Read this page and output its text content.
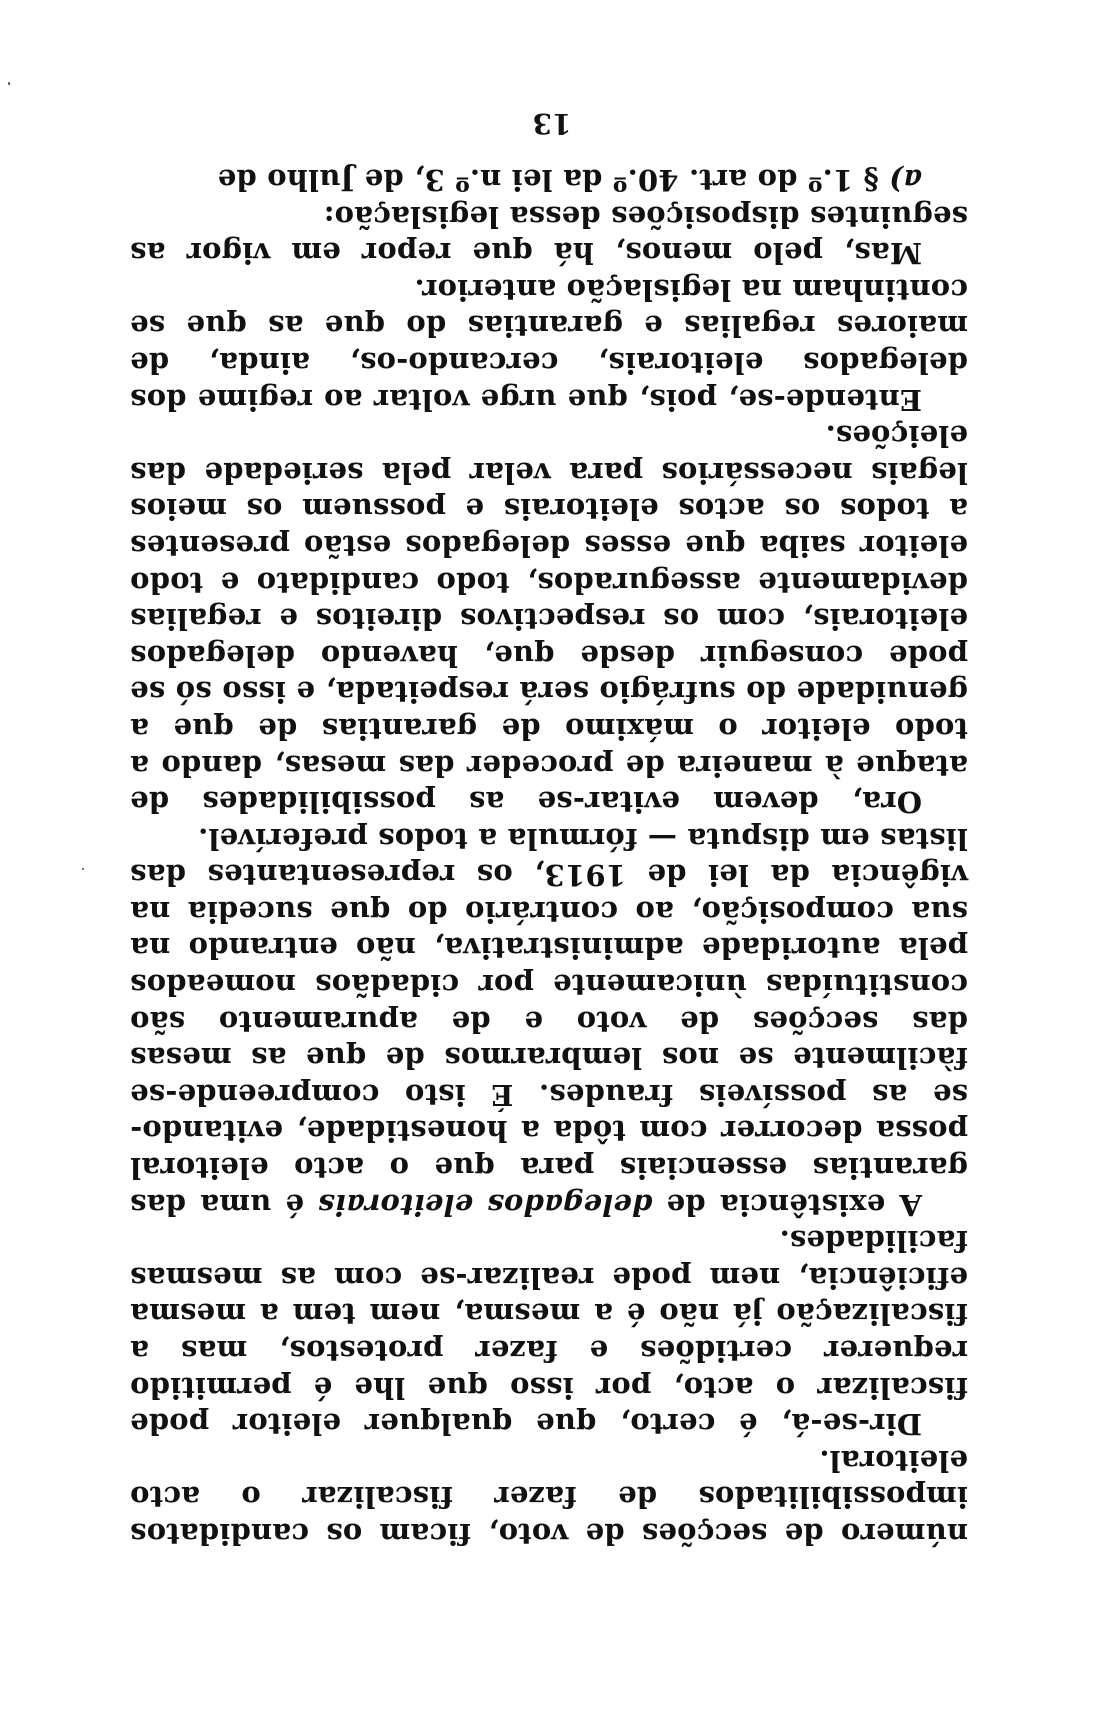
número de secções de voto, ficam os candidatos impossibilitados de fazer fiscalizar o acto eleitoral.

Dir-se-á, é certo, que qualquer eleitor pode fiscalizar o acto, por isso que lhe é permitido requerer certidões e fazer protestos, mas a fiscalização já não é a mesma, nem tem a mesma eficiência, nem pode realizar-se com as mesmas facilidades.

A existência de delegados eleitorais é uma das garantias essenciais para que o acto eleitoral possa decorrer com tôda a honestidade, evitando-se as possíveis fraudes. É isto compreende-se fàcilmente se nos lembrarmos de que as mesas das secções de voto e de apuramento são constituídas ùnicamente por cidadãos nomeados pela autoridade administrativa, não entrando na sua composição, ao contrário do que sucedia na vigência da lei de 1913, os representantes das listas em disputa — fórmula a todos preferível.

Ora, devem evitar-se as possibilidades de ataque à maneira de proceder das mesas, dando a todo eleitor o máximo de garantias de que a genuidade do sufrágio será respeitada, e isso só se pode conseguir desde que, havendo delegados eleitorais, com os respectivos direitos e regalias devidamente assegurados, todo candidato e todo eleitor saiba que esses delegados estão presentes a todos os actos eleitorais e possuem os meios legais necessários para velar pela seriedade das eleições.

Entende-se, pois, que urge voltar ao regime dos delegados eleitorais, cercando-os, ainda, de maiores regalias e garantias do que as que se continham na legislação anterior.

Mas, pelo menos, há que repor em vigor as seguintes disposições dessa legislação:

a) § 1.º do art. 40.º da lei n.º 3, de Julho de

13
